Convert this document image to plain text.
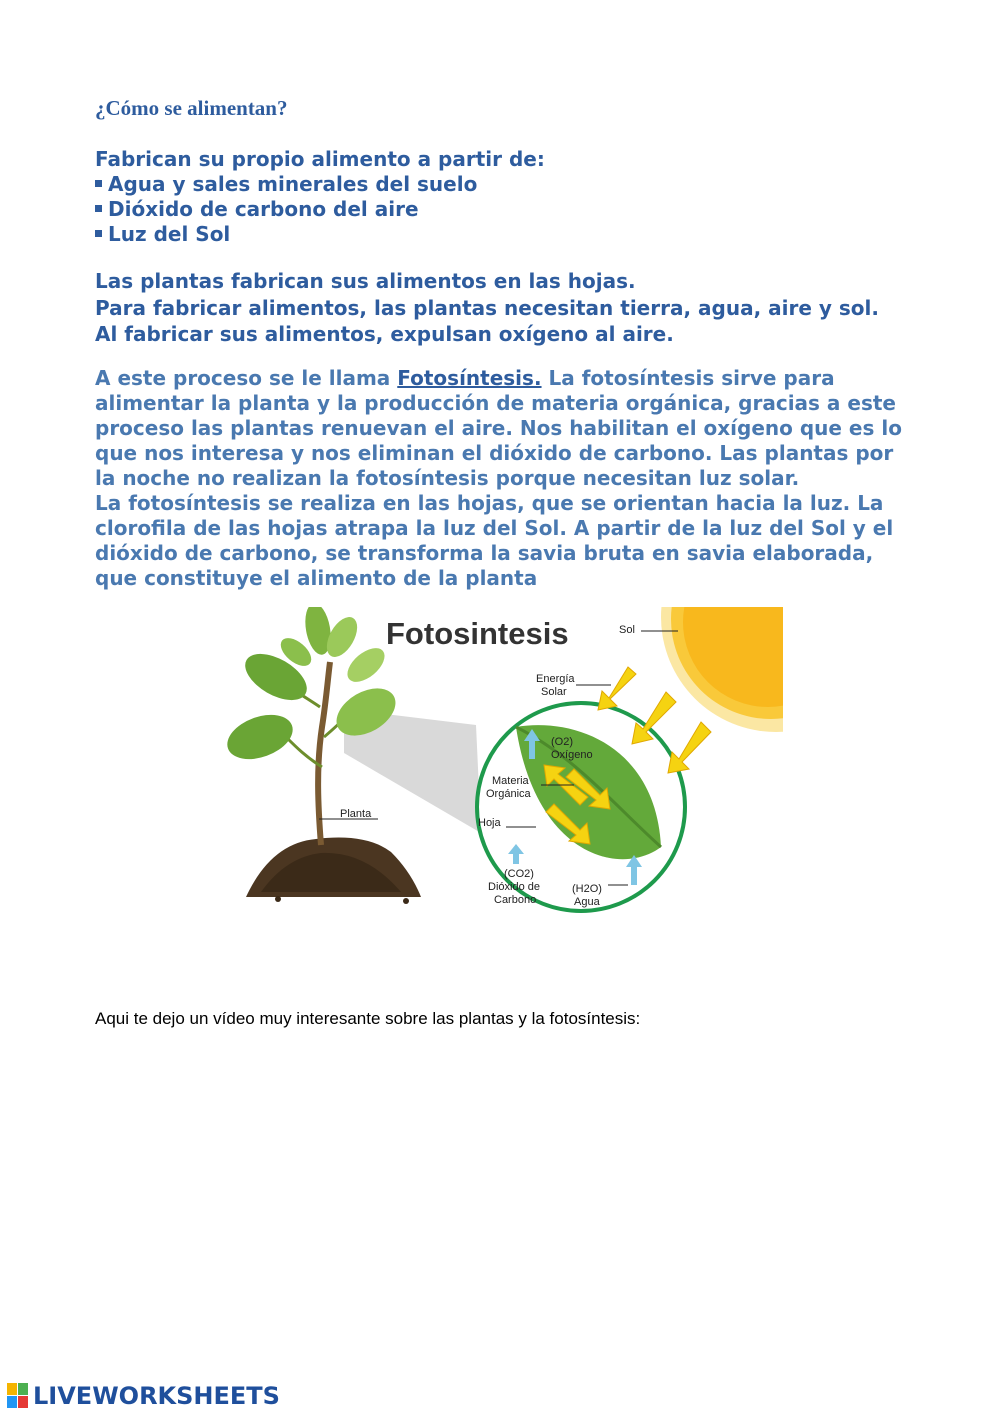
¿Cómo se alimentan?

Fabrican su propio alimento a partir de:

Agua y sales minerales del suelo
Dióxido de carbono del aire
Luz del Sol

Las plantas fabrican sus alimentos en las hojas.

Para fabricar alimentos, las plantas necesitan tierra, agua, aire y sol.

Al fabricar sus alimentos, expulsan oxígeno al aire.

A este proceso se le llama Fotosíntesis. La fotosíntesis sirve para
alimentar la planta y la producción de materia orgánica, gracias a este
proceso las plantas renuevan el aire. Nos habilitan el oxígeno que es lo
que nos interesa y nos eliminan el dióxido de carbono. Las plantas por
la noche no realizan la fotosíntesis porque necesitan luz solar.
La fotosíntesis se realiza en las hojas, que se orientan hacia la luz. La
clorofila de las hojas atrapa la luz del Sol. A partir de la luz del Sol y el
dióxido de carbono, se transforma la savia bruta en savia elaborada,
que constituye el alimento de la planta
Fotosintesis	Sol
Energía
Solar
(O2)
Oxígeno
Materia
Orgánica
Hoja
Planta
(CO2)
Dióxido de
Carbono
(H2O)
Agua

Aqui te dejo un vídeo muy interesante sobre las plantas y la fotosíntesis:

LIVEWORKSHEETS
